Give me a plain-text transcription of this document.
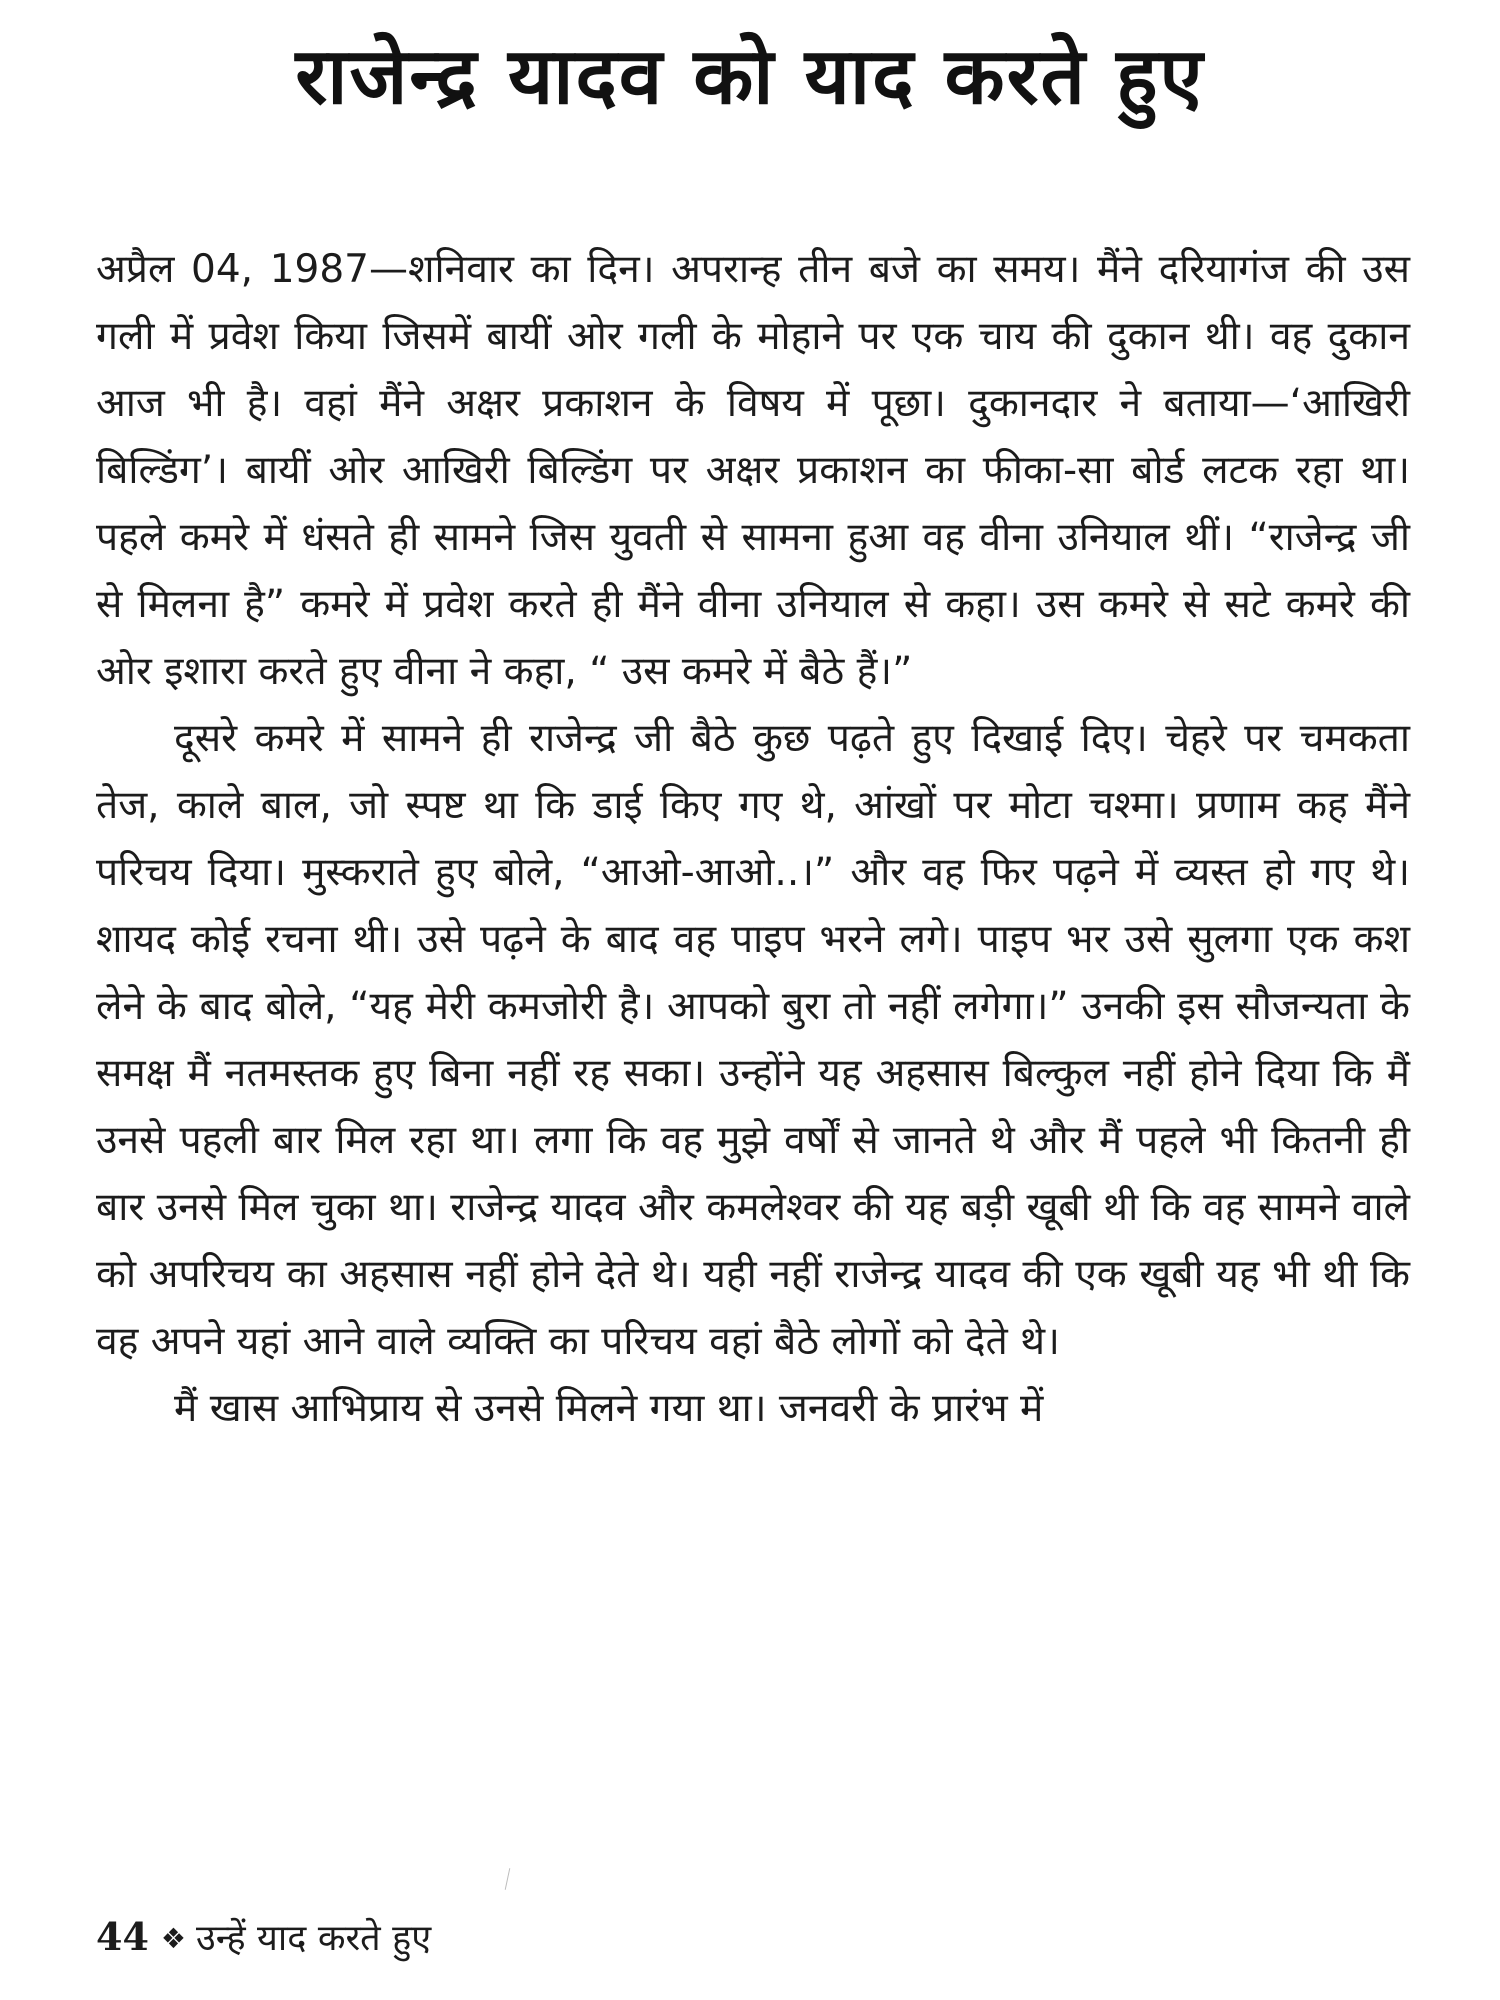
राजेन्द्र यादव को याद करते हुए

अप्रैल 04, 1987—शनिवार का दिन। अपरान्ह तीन बजे का समय। मैंने दरियागंज की उस गली में प्रवेश किया जिसमें बायीं ओर गली के मोहाने पर एक चाय की दुकान थी। वह दुकान आज भी है। वहां मैंने अक्षर प्रकाशन के विषय में पूछा। दुकानदार ने बताया—‘आखिरी बिल्डिंग’। बायीं ओर आखिरी बिल्डिंग पर अक्षर प्रकाशन का फीका-सा बोर्ड लटक रहा था। पहले कमरे में धंसते ही सामने जिस युवती से सामना हुआ वह वीना उनियाल थीं। “राजेन्द्र जी से मिलना है” कमरे में प्रवेश करते ही मैंने वीना उनियाल से कहा। उस कमरे से सटे कमरे की ओर इशारा करते हुए वीना ने कहा, “ उस कमरे में बैठे हैं।”

दूसरे कमरे में सामने ही राजेन्द्र जी बैठे कुछ पढ़ते हुए दिखाई दिए। चेहरे पर चमकता तेज, काले बाल, जो स्पष्ट था कि डाई किए गए थे, आंखों पर मोटा चश्मा। प्रणाम कह मैंने परिचय दिया। मुस्कराते हुए बोले, “आओ-आओ..।” और वह फिर पढ़ने में व्यस्त हो गए थे। शायद कोई रचना थी। उसे पढ़ने के बाद वह पाइप भरने लगे। पाइप भर उसे सुलगा एक कश लेने के बाद बोले, “यह मेरी कमजोरी है। आपको बुरा तो नहीं लगेगा।” उनकी इस सौजन्यता के समक्ष मैं नतमस्तक हुए बिना नहीं रह सका। उन्होंने यह अहसास बिल्कुल नहीं होने दिया कि मैं उनसे पहली बार मिल रहा था। लगा कि वह मुझे वर्षों से जानते थे और मैं पहले भी कितनी ही बार उनसे मिल चुका था। राजेन्द्र यादव और कमलेश्वर की यह बड़ी खूबी थी कि वह सामने वाले को अपरिचय का अहसास नहीं होने देते थे। यही नहीं राजेन्द्र यादव की एक खूबी यह भी थी कि वह अपने यहां आने वाले व्यक्ति का परिचय वहां बैठे लोगों को देते थे।

मैं खास आभिप्राय से उनसे मिलने गया था। जनवरी के प्रारंभ में

44 ❖ उन्हें याद करते हुए
